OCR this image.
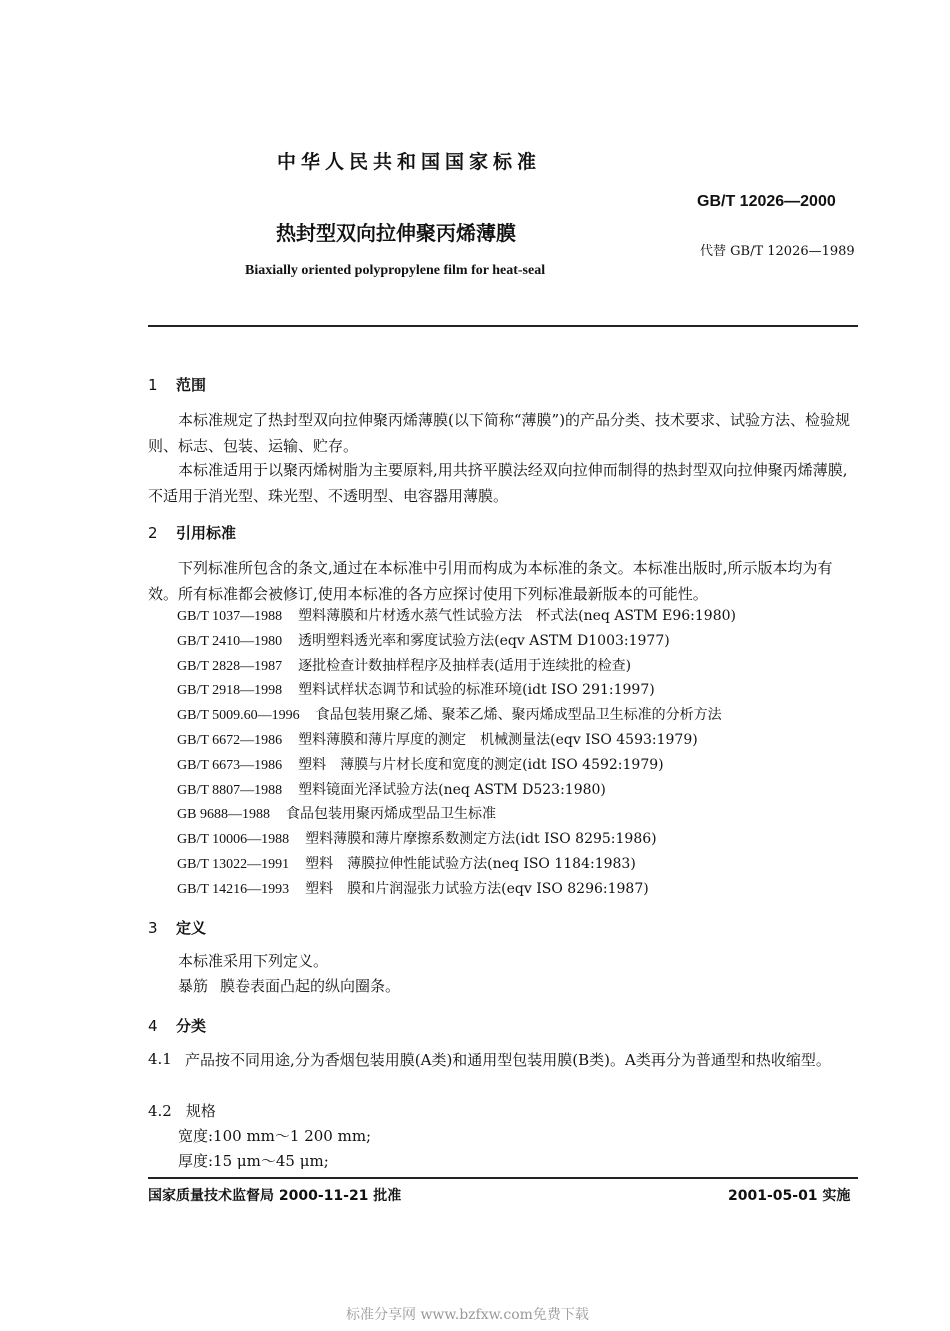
中华人民共和国国家标准
GB/T 12026—2000
热封型双向拉伸聚丙烯薄膜
代替 GB/T 12026—1989
Biaxially oriented polypropylene film for heat-seal
1 范围

本标准规定了热封型双向拉伸聚丙烯薄膜(以下简称“薄膜”)的产品分类、技术要求、试验方法、检验规则、标志、包装、运输、贮存。

本标准适用于以聚丙烯树脂为主要原料,用共挤平膜法经双向拉伸而制得的热封型双向拉伸聚丙烯薄膜,不适用于消光型、珠光型、不透明型、电容器用薄膜。

2 引用标准

下列标准所包含的条文,通过在本标准中引用而构成为本标准的条文。本标准出版时,所示版本均为有效。所有标准都会被修订,使用本标准的各方应探讨使用下列标准最新版本的可能性。

GB/T 1037—1988 塑料薄膜和片材透水蒸气性试验方法　杯式法(neq ASTM E96:1980)
GB/T 2410—1980 透明塑料透光率和雾度试验方法(eqv ASTM D1003:1977)
GB/T 2828—1987 逐批检查计数抽样程序及抽样表(适用于连续批的检查)
GB/T 2918—1998 塑料试样状态调节和试验的标准环境(idt ISO 291:1997)
GB/T 5009.60—1996 食品包装用聚乙烯、聚苯乙烯、聚丙烯成型品卫生标准的分析方法
GB/T 6672—1986 塑料薄膜和薄片厚度的测定　机械测量法(eqv ISO 4593:1979)
GB/T 6673—1986 塑料　薄膜与片材长度和宽度的测定(idt ISO 4592:1979)
GB/T 8807—1988 塑料镜面光泽试验方法(neq ASTM D523:1980)
GB 9688—1988 食品包装用聚丙烯成型品卫生标准
GB/T 10006—1988 塑料薄膜和薄片摩擦系数测定方法(idt ISO 8295:1986)
GB/T 13022—1991 塑料　薄膜拉伸性能试验方法(neq ISO 1184:1983)
GB/T 14216—1993 塑料　膜和片润湿张力试验方法(eqv ISO 8296:1987)
3 定义
本标准采用下列定义。
暴筋 膜卷表面凸起的纵向圈条。
4 分类
4.1 产品按不同用途,分为香烟包装用膜(A类)和通用型包装用膜(B类)。A类再分为普通型和热收缩型。

4.2 规格
宽度:100 mm～1 200 mm;
厚度:15 μm～45 μm;
国家质量技术监督局 2000-11-21 批准	2001-05-01 实施
标准分享网 www.bzfxw.com免费下载
